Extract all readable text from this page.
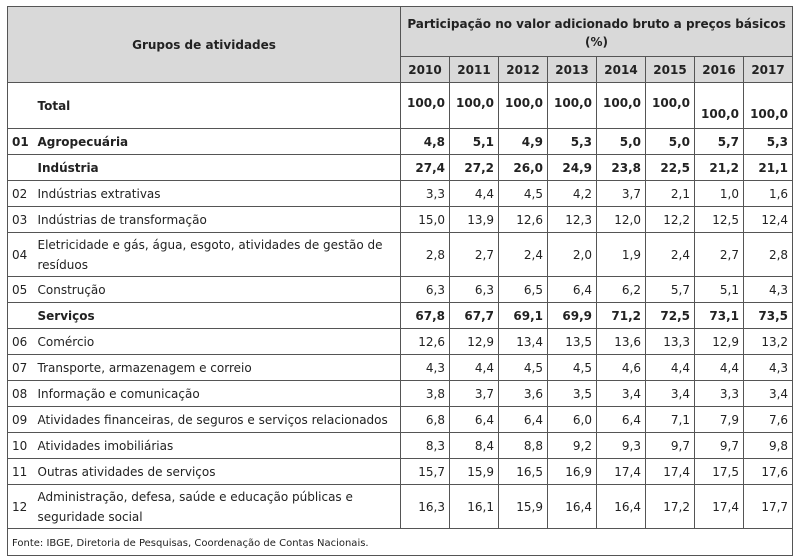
Grupos de atividades		Participação no valor adicionado bruto a preços básicos
(%)							
		2010	2011	2012	2013	2014	2015	2016	2017
	Total	100,0	100,0	100,0	100,0	100,0	100,0	100,0	100,0
01	Agropecuária	4,8	5,1	4,9	5,3	5,0	5,0	5,7	5,3
	Indústria	27,4	27,2	26,0	24,9	23,8	22,5	21,2	21,1
02	Indústrias extrativas	3,3	4,4	4,5	4,2	3,7	2,1	1,0	1,6
03	Indústrias de transformação	15,0	13,9	12,6	12,3	12,0	12,2	12,5	12,4
04	Eletricidade e gás, água, esgoto, atividades de gestão de resíduos	2,8	2,7	2,4	2,0	1,9	2,4	2,7	2,8
05	Construção	6,3	6,3	6,5	6,4	6,2	5,7	5,1	4,3
	Serviços	67,8	67,7	69,1	69,9	71,2	72,5	73,1	73,5
06	Comércio	12,6	12,9	13,4	13,5	13,6	13,3	12,9	13,2
07	Transporte, armazenagem e correio	4,3	4,4	4,5	4,5	4,6	4,4	4,4	4,3
08	Informação e comunicação	3,8	3,7	3,6	3,5	3,4	3,4	3,3	3,4
09	Atividades financeiras, de seguros e serviços relacionados	6,8	6,4	6,4	6,0	6,4	7,1	7,9	7,6
10	Atividades imobiliárias	8,3	8,4	8,8	9,2	9,3	9,7	9,7	9,8
11	Outras atividades de serviços	15,7	15,9	16,5	16,9	17,4	17,4	17,5	17,6
12	Administração, defesa, saúde e educação públicas e seguridade social	16,3	16,1	15,9	16,4	16,4	17,2	17,4	17,7
Fonte: IBGE, Diretoria de Pesquisas, Coordenação de Contas Nacionais.									
